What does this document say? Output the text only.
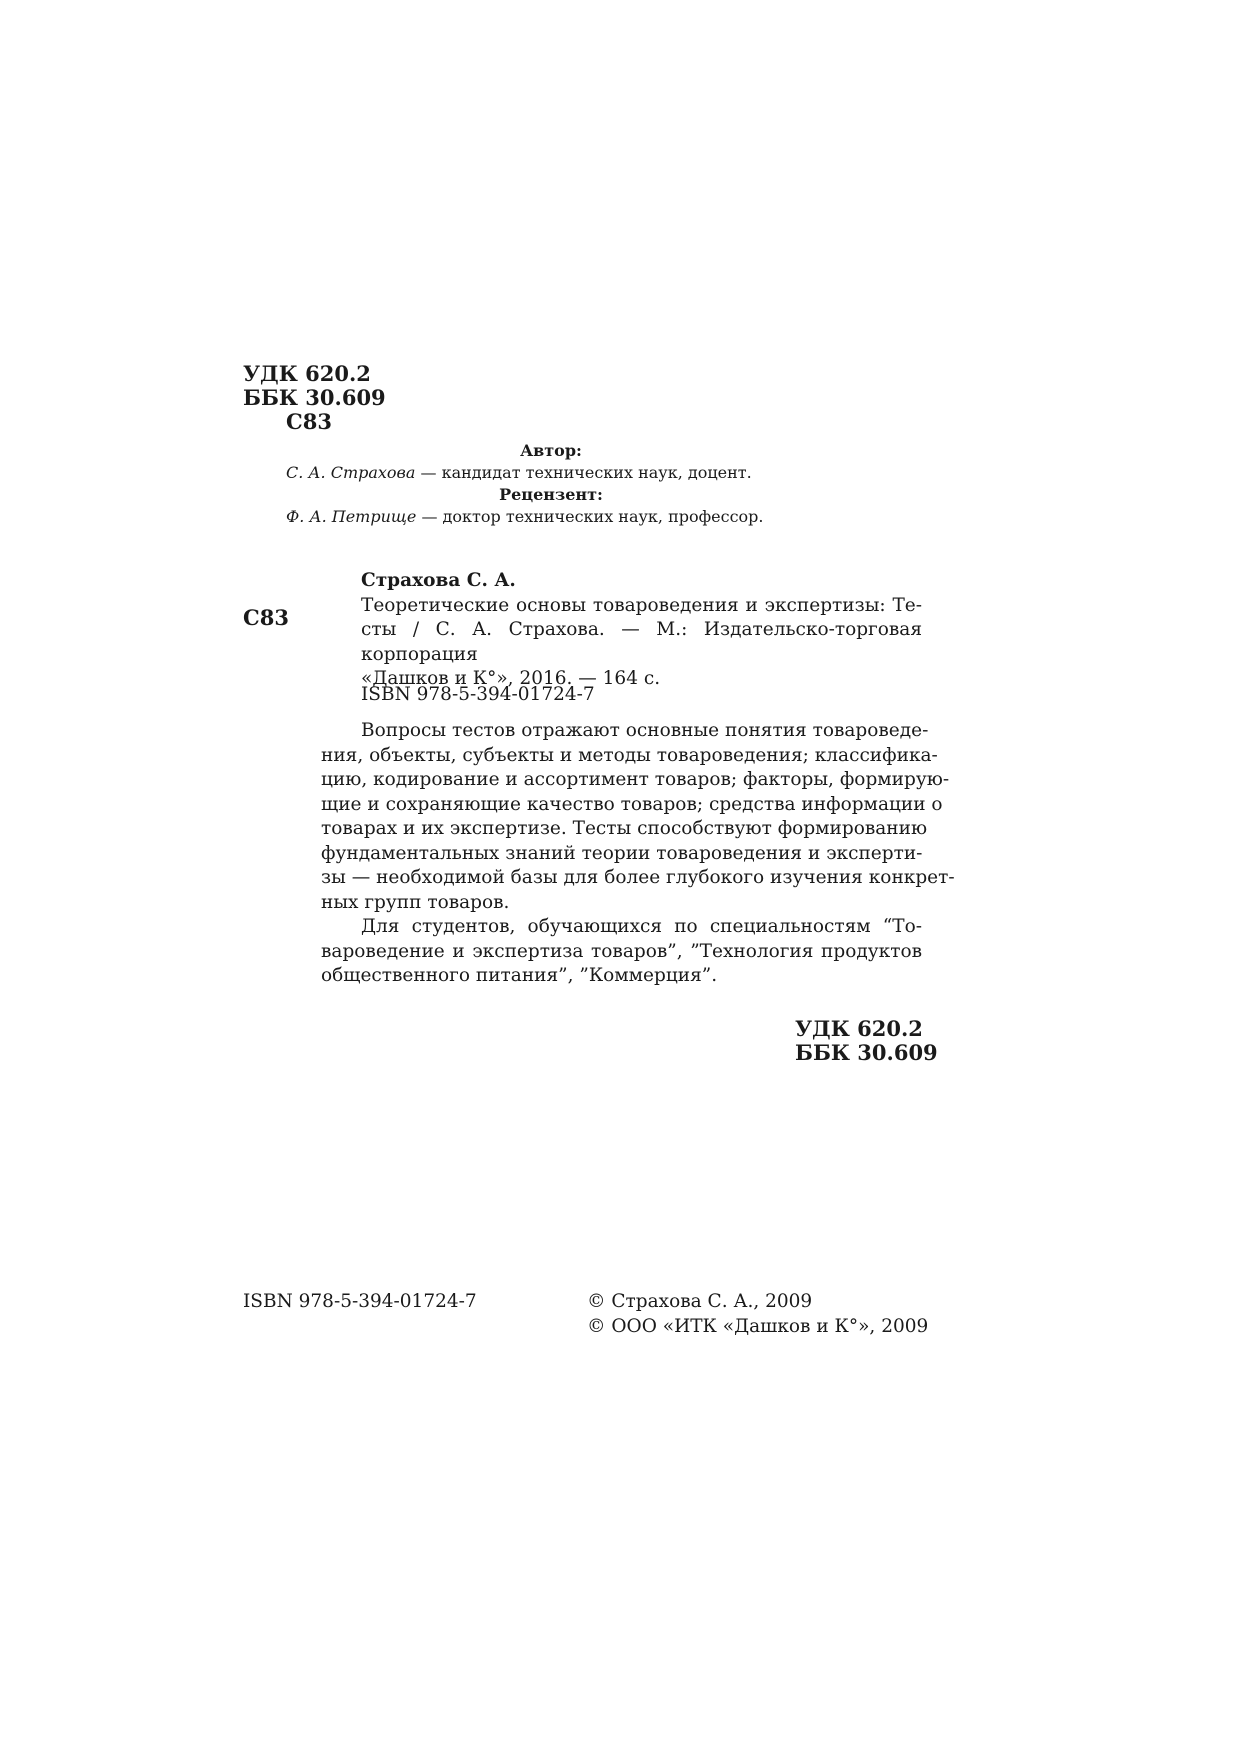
УДК 620.2
ББК 30.609
С83
Автор:
С. А. Страхова — кандидат технических наук, доцент.
Рецензент:
Ф. А. Петрище — доктор технических наук, профессор.
С83
Страхова С. А.
Теоретические основы товароведения и экспертизы: Те-
сты / С. А. Страхова. — М.: Издательско-торговая корпорация
«Дашков и К°», 2016. — 164 с.
ISBN 978-5-394-01724-7
Вопросы тестов отражают основные понятия товароведе-
ния, объекты, субъекты и методы товароведения; классифика-
цию, кодирование и ассортимент товаров; факторы, формирую-
щие и сохраняющие качество товаров; средства информации о
товарах и их экспертизе. Тесты способствуют формированию
фундаментальных знаний теории товароведения и эксперти-
зы — необходимой базы для более глубокого изучения конкрет-
ных групп товаров.
Для студентов, обучающихся по специальностям “То-
вароведение и экспертиза товаров”, ”Технология продуктов
общественного питания”, ”Коммерция”.
УДК 620.2
ББК 30.609
ISBN 978-5-394-01724-7	© Страхова С. А., 2009
© ООО «ИТК «Дашков и К°», 2009
